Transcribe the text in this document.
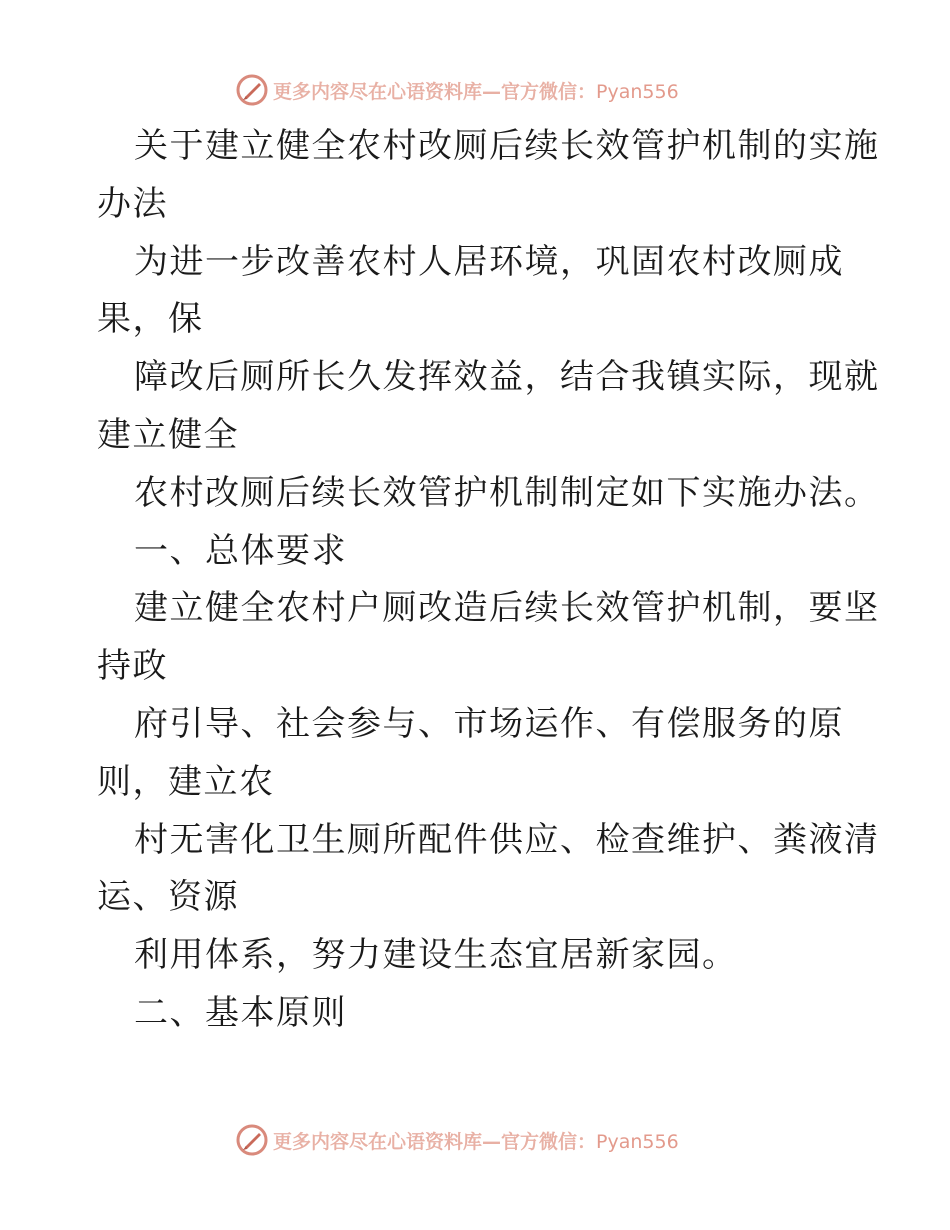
更多内容尽在心语资料库—官方微信：Pyan556
关于建立健全农村改厕后续长效管护机制的实施
办法
为进一步改善农村人居环境，巩固农村改厕成
果，保
障改后厕所长久发挥效益，结合我镇实际，现就
建立健全
农村改厕后续长效管护机制制定如下实施办法。
一、总体要求
建立健全农村户厕改造后续长效管护机制，要坚
持政
府引导、社会参与、市场运作、有偿服务的原
则，建立农
村无害化卫生厕所配件供应、检查维护、粪液清
运、资源
利用体系，努力建设生态宜居新家园。
二、基本原则
更多内容尽在心语资料库—官方微信：Pyan556
